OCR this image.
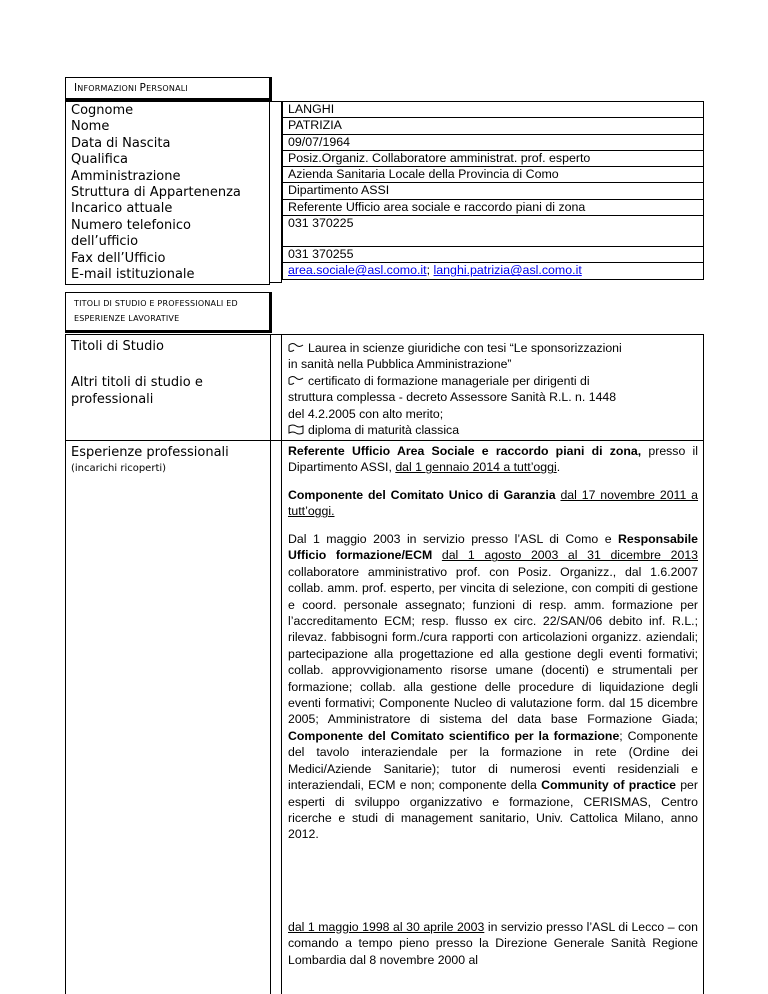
INFORMAZIONI PERSONALI
Cognome
Nome
Data di Nascita
Qualifica
Amministrazione
Struttura di Appartenenza
Incarico attuale
Numero telefonico
dell’ufficio
Fax dell’Ufficio
E-mail istituzionale
LANGHI
PATRIZIA
09/07/1964
Posiz.Organiz. Collaboratore amministrat. prof. esperto
Azienda Sanitaria Locale della Provincia di Como
Dipartimento ASSI
Referente Ufficio area sociale e raccordo piani di zona
031 370225
031 370255
area.sociale@asl.como.it; langhi.patrizia@asl.como.it
TITOLI DI STUDIO E PROFESSIONALI ED
ESPERIENZE LAVORATIVE
Titoli di Studio
Altri titoli di studio e
professionali
Esperienze professionali
(incarichi ricoperti)
Laurea in scienze giuridiche con tesi “Le sponsorizzazioni
in sanità nella Pubblica Amministrazione”
certificato di formazione manageriale per dirigenti di
struttura complessa - decreto Assessore Sanità R.L. n. 1448
del 4.2.2005 con alto merito;
diploma di maturità classica
Referente Ufficio Area Sociale e raccordo piani di zona, presso il Dipartimento ASSI, dal 1 gennaio 2014 a tutt’oggi.
Componente del Comitato Unico di Garanzia dal 17 novembre 2011 a tutt’oggi.
Dal 1 maggio 2003 in servizio presso l’ASL di Como e Responsabile Ufficio formazione/ECM dal 1 agosto 2003 al 31 dicembre 2013 collaboratore amministrativo prof. con Posiz. Organizz., dal 1.6.2007 collab. amm. prof. esperto, per vincita di selezione, con compiti di gestione e coord. personale assegnato; funzioni di resp. amm. formazione per l’accreditamento ECM; resp. flusso ex circ. 22/SAN/06 debito inf. R.L.; rilevaz. fabbisogni form./cura rapporti con articolazioni organizz. aziendali; partecipazione alla progettazione ed alla gestione degli eventi formativi; collab. approvvigionamento risorse umane (docenti) e strumentali per formazione; collab. alla gestione delle procedure di liquidazione degli eventi formativi; Componente Nucleo di valutazione form. dal 15 dicembre 2005; Amministratore di sistema del data base Formazione Giada; Componente del Comitato scientifico per la formazione; Componente del tavolo interaziendale per la formazione in rete (Ordine dei Medici/Aziende Sanitarie); tutor di numerosi eventi residenziali e interaziendali, ECM e non; componente della Community of practice per esperti di sviluppo organizzativo e formazione, CERISMAS, Centro ricerche e studi di management sanitario, Univ. Cattolica Milano, anno 2012.
dal 1 maggio 1998 al 30 aprile 2003 in servizio presso l’ASL di Lecco – con comando a tempo pieno presso la Direzione Generale Sanità Regione Lombardia dal 8 novembre 2000 al
